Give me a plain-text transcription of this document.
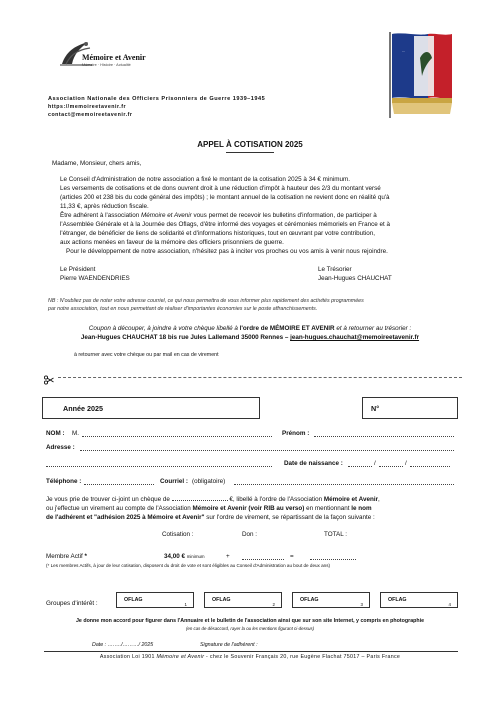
Mémoire et Avenir
Mémoire · Histoire · Actualité
Association Nationale des Officiers Prisonniers de Guerre 1939–1945
https://memoireetavenir.fr
contact@memoireetavenir.fr
...
APPEL À COTISATION 2025
Madame, Monsieur, chers amis,
Le Conseil d'Administration de notre association a fixé le montant de la cotisation 2025 à 34 € minimum.
Les versements de cotisations et de dons ouvrent droit à une réduction d'impôt à hauteur des 2/3 du montant versé
(articles 200 et 238 bis du code général des impôts) ; le montant annuel de la cotisation ne revient donc en réalité qu'à
11,33 €, après réduction fiscale.
Être adhérent à l'association Mémoire et Avenir vous permet de recevoir les bulletins d'information, de participer à
l'Assemblée Générale et à la Journée des Oflags, d'être informé des voyages et cérémonies mémoriels en France et à
l'étranger, de bénéficier de liens de solidarité et d'informations historiques, tout en œuvrant par votre contribution,
aux actions menées en faveur de la mémoire des officiers prisonniers de guerre.
Pour le développement de notre association, n'hésitez pas à inciter vos proches ou vos amis à venir nous rejoindre.
Le Président
Pierre WAENDENDRIES
Le Trésorier
Jean-Hugues CHAUCHAT
NB : N'oubliez pas de noter votre adresse courriel, ce qui nous permettra de vous informer plus rapidement des activités programmées
par notre association, tout en nous permettant de réaliser d'importantes économies sur le poste affranchissements.
Coupon à découper, à joindre à votre chèque libellé à l'ordre de MÉMOIRE ET AVENIR et à retourner au trésorier :
Jean-Hugues CHAUCHAT 18 bis rue Jules Lallemand 35000 Rennes – jean-hugues.chauchat@memoireetavenir.fr
à retourner avec votre chèque ou par mail en cas de virement
Année 2025	N°
NOM : M.	Prénom :
Adresse :
Date de naissance :	/	/
Téléphone :	Courriel : (obligatoire)
Je vous prie de trouver ci-joint un chèque de	€, libellé à l'ordre de l'Association Mémoire et Avenir,
ou j'effectue un virement au compte de l'Association Mémoire et Avenir (voir RIB au verso) en mentionnant le nom
de l'adhérent et "adhésion 2025 à Mémoire et Avenir" sur l'ordre de virement, se répartissant de la façon suivante :
Cotisation :	Don :	TOTAL :
Membre Actif *	34,00 € minimum	+	=
(* Les membres Actifs, à jour de leur cotisation, disposent du droit de vote et sont éligibles au Conseil d'Administration au bout de deux ans)
Groupes d'intérêt :	OFLAG
1
OFLAG
2
OFLAG
3
OFLAG
4
Je donne mon accord pour figurer dans l'Annuaire et le bulletin de l'association ainsi que sur son site Internet, y compris en photographie
(en cas de désaccord, rayer la ou les mentions figurant ci-dessus)
Date : ……../………/ 2025	Signature de l'adhérent :
Association Loi 1901 Mémoire et Avenir - chez le Souvenir Français 20, rue Eugène Flachat 75017 – Paris France
